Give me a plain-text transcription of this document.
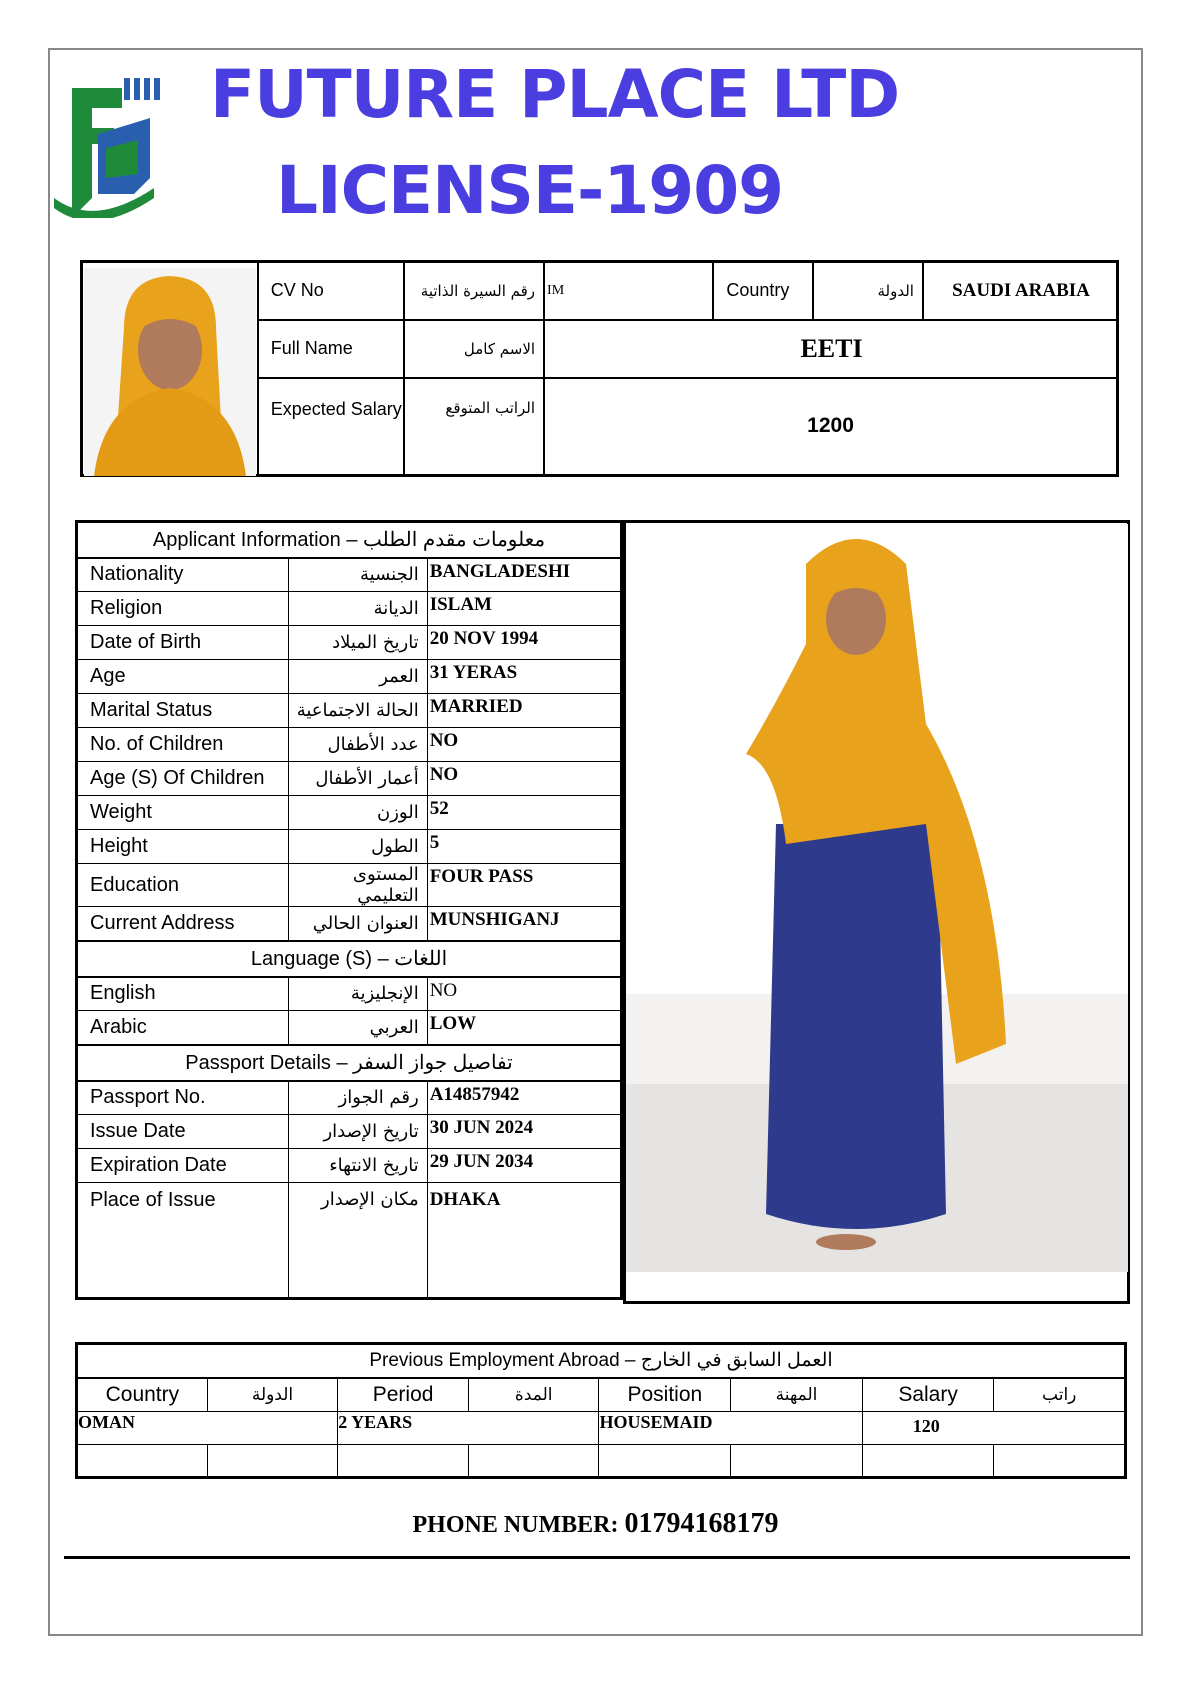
FUTURE PLACE LTD
LICENSE-1909
	CV No	رقم السيرة الذاتية	IM	Country	الدولة	SAUDI ARABIA
	Full Name	الاسم كامل	EETI			
	Expected Salary	الراتب المتوقع	1200			
Applicant Information – معلومات مقدم الطلب		
Nationality	الجنسية	BANGLADESHI
Religion	الديانة	ISLAM
Date of Birth	تاريخ الميلاد	20 NOV 1994
Age	العمر	31 YERAS
Marital Status	الحالة الاجتماعية	MARRIED
No. of Children	عدد الأطفال	NO
Age (S) Of Children	أعمار الأطفال	NO
Weight	الوزن	52
Height	الطول	5
Education	المستوى التعليمي	FOUR PASS
Current Address	العنوان الحالي	MUNSHIGANJ
Language (S) – اللغات		
English	الإنجليزية	NO
Arabic	العربي	LOW
Passport Details – تفاصيل جواز السفر		
Passport No.	رقم الجواز	A14857942
Issue Date	تاريخ الإصدار	30 JUN 2024
Expiration Date	تاريخ الانتهاء	29 JUN 2034
Place of Issue	مكان الإصدار	DHAKA
Previous Employment Abroad – العمل السابق في الخارج							
Country	الدولة	Period	المدة	Position	المهنة	Salary	راتب
OMAN		2 YEARS		HOUSEMAID		120	

PHONE NUMBER: 01794168179
